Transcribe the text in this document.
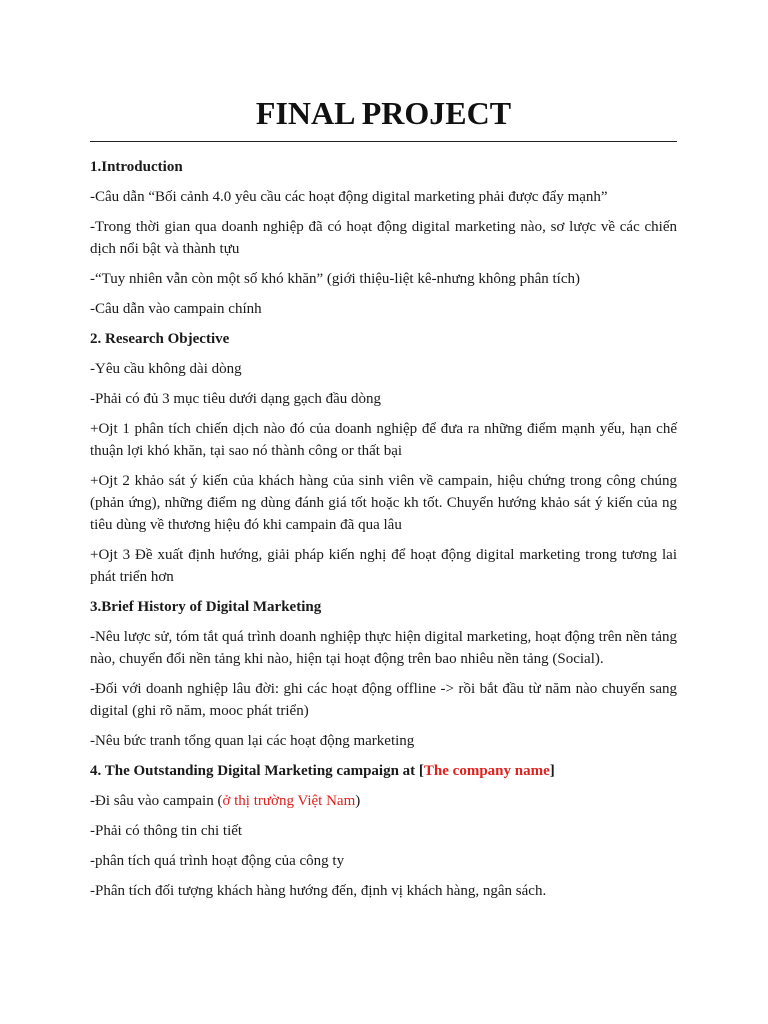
FINAL PROJECT

1.Introduction

-Câu dẫn “Bối cảnh 4.0 yêu cầu các hoạt động digital marketing phải được đẩy mạnh”

-Trong thời gian qua doanh nghiệp đã có hoạt động digital marketing nào, sơ lược về các chiến dịch nổi bật và thành tựu

-“Tuy nhiên vẫn còn một số khó khăn” (giới thiệu-liệt kê-nhưng không phân tích)

-Câu dẫn vào campain chính

2. Research Objective

-Yêu cầu không dài dòng

-Phải có đủ 3 mục tiêu dưới dạng gạch đầu dòng

+Ojt 1 phân tích chiến dịch nào đó của doanh nghiệp để đưa ra những điểm mạnh yếu, hạn chế thuận lợi khó khăn, tại sao nó thành công or thất bại

+Ojt 2 khảo sát ý kiến của khách hàng của sinh viên về campain, hiệu chứng trong công chúng (phản ứng), những điểm ng dùng đánh giá tốt hoặc kh tốt. Chuyển hướng khảo sát ý kiến của ng tiêu dùng về thương hiệu đó khi campain đã qua lâu

+Ojt 3 Đề xuất định hướng, giải pháp kiến nghị để hoạt động digital marketing trong tương lai phát triển hơn

3.Brief History of Digital Marketing

-Nêu lược sử, tóm tắt quá trình doanh nghiệp thực hiện digital marketing, hoạt động trên nền tảng nào, chuyển đổi nền tảng khi nào, hiện tại hoạt động trên bao nhiêu nền tảng (Social).

-Đối với doanh nghiệp lâu đời: ghi các hoạt động offline -> rồi bắt đầu từ năm nào chuyển sang digital (ghi rõ năm, mooc phát triển)

-Nêu bức tranh tổng quan lại các hoạt động marketing

4. The Outstanding Digital Marketing campaign at [The company name]

-Đi sâu vào campain (ở thị trường Việt Nam)

-Phải có thông tin chi tiết

-phân tích quá trình hoạt động của công ty

-Phân tích đối tượng khách hàng hướng đến, định vị khách hàng, ngân sách.
